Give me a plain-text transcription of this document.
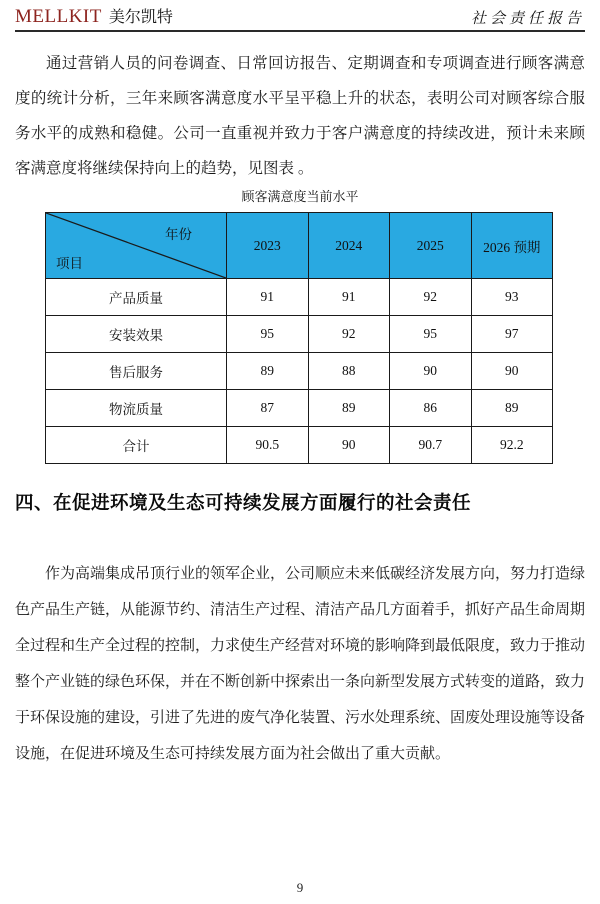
MELLKIT 美尔凯特	社会责任报告

通过营销人员的问卷调查、日常回访报告、定期调查和专项调查进行顾客满意度的统计分析，三年来顾客满意度水平呈平稳上升的状态，表明公司对顾客综合服务水平的成熟和稳健。公司一直重视并致力于客户满意度的持续改进，预计未来顾客满意度将继续保持向上的趋势，见图表 。

顾客满意度当前水平
年份
项目	2023	2024	2025	2026 预期
产品质量	91	91	92	93
安装效果	95	92	95	97
售后服务	89	88	90	90
物流质量	87	89	86	89
合计	90.5	90	90.7	92.2
四、在促进环境及生态可持续发展方面履行的社会责任

作为高端集成吊顶行业的领军企业，公司顺应未来低碳经济发展方向，努力打造绿色产品生产链，从能源节约、清洁生产过程、清洁产品几方面着手，抓好产品生命周期全过程和生产全过程的控制，力求使生产经营对环境的影响降到最低限度，致力于推动整个产业链的绿色环保，并在不断创新中探索出一条向新型发展方式转变的道路，致力于环保设施的建设，引进了先进的废气净化装置、污水处理系统、固废处理设施等设备设施，在促进环境及生态可持续发展方面为社会做出了重大贡献。

9
